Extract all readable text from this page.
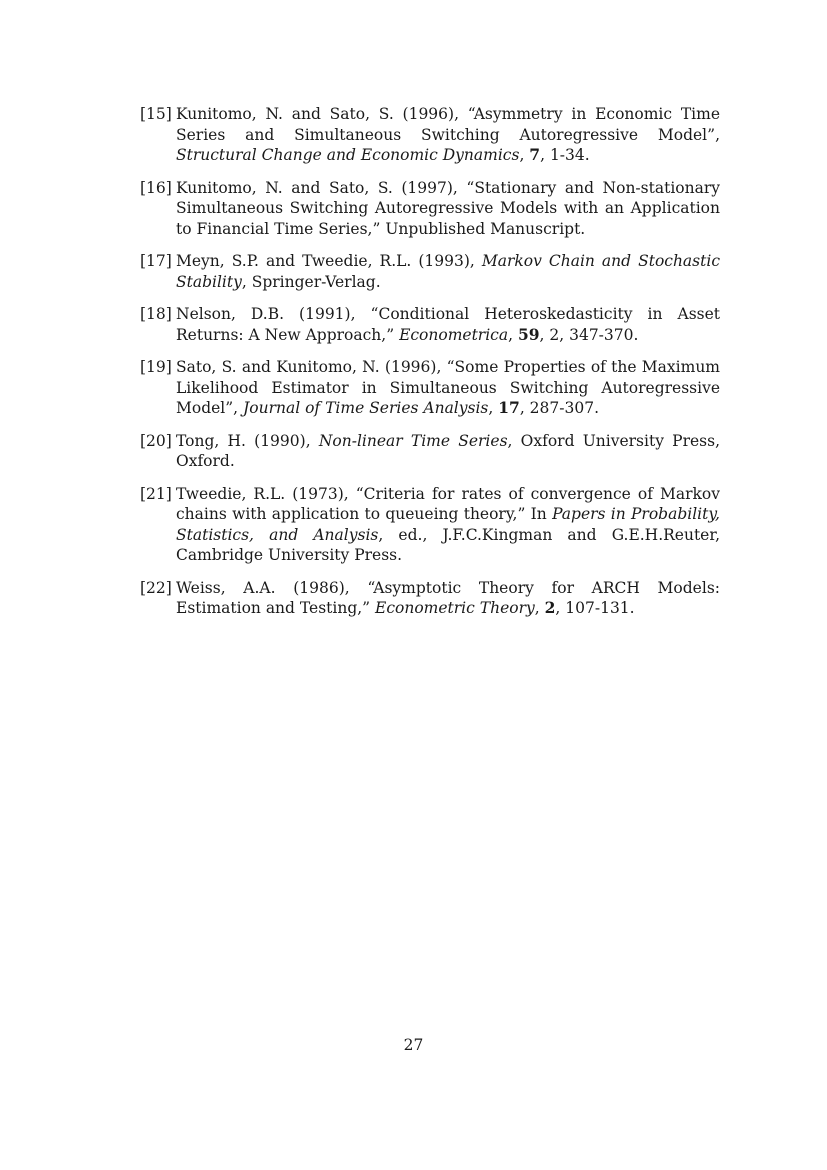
[15] Kunitomo, N. and Sato, S. (1996), “Asymmetry in Economic Time Series and Simultaneous Switching Autoregressive Model”, Structural Change and Economic Dynamics, 7, 1-34.
[16] Kunitomo, N. and Sato, S. (1997), “Stationary and Non-stationary Simultaneous Switching Autoregressive Models with an Application to Financial Time Series,” Unpublished Manuscript.
[17] Meyn, S.P. and Tweedie, R.L. (1993), Markov Chain and Stochastic Stability, Springer-Verlag.
[18] Nelson, D.B. (1991), “Conditional Heteroskedasticity in Asset Returns: A New Approach,” Econometrica, 59, 2, 347-370.
[19] Sato, S. and Kunitomo, N. (1996), “Some Properties of the Maximum Likelihood Estimator in Simultaneous Switching Autoregressive Model”, Journal of Time Series Analysis, 17, 287-307.
[20] Tong, H. (1990), Non-linear Time Series, Oxford University Press, Oxford.
[21] Tweedie, R.L. (1973), “Criteria for rates of convergence of Markov chains with application to queueing theory,” In Papers in Probability, Statistics, and Analysis, ed., J.F.C.Kingman and G.E.H.Reuter, Cambridge University Press.
[22] Weiss, A.A. (1986), “Asymptotic Theory for ARCH Models: Estimation and Testing,” Econometric Theory, 2, 107-131.
27
